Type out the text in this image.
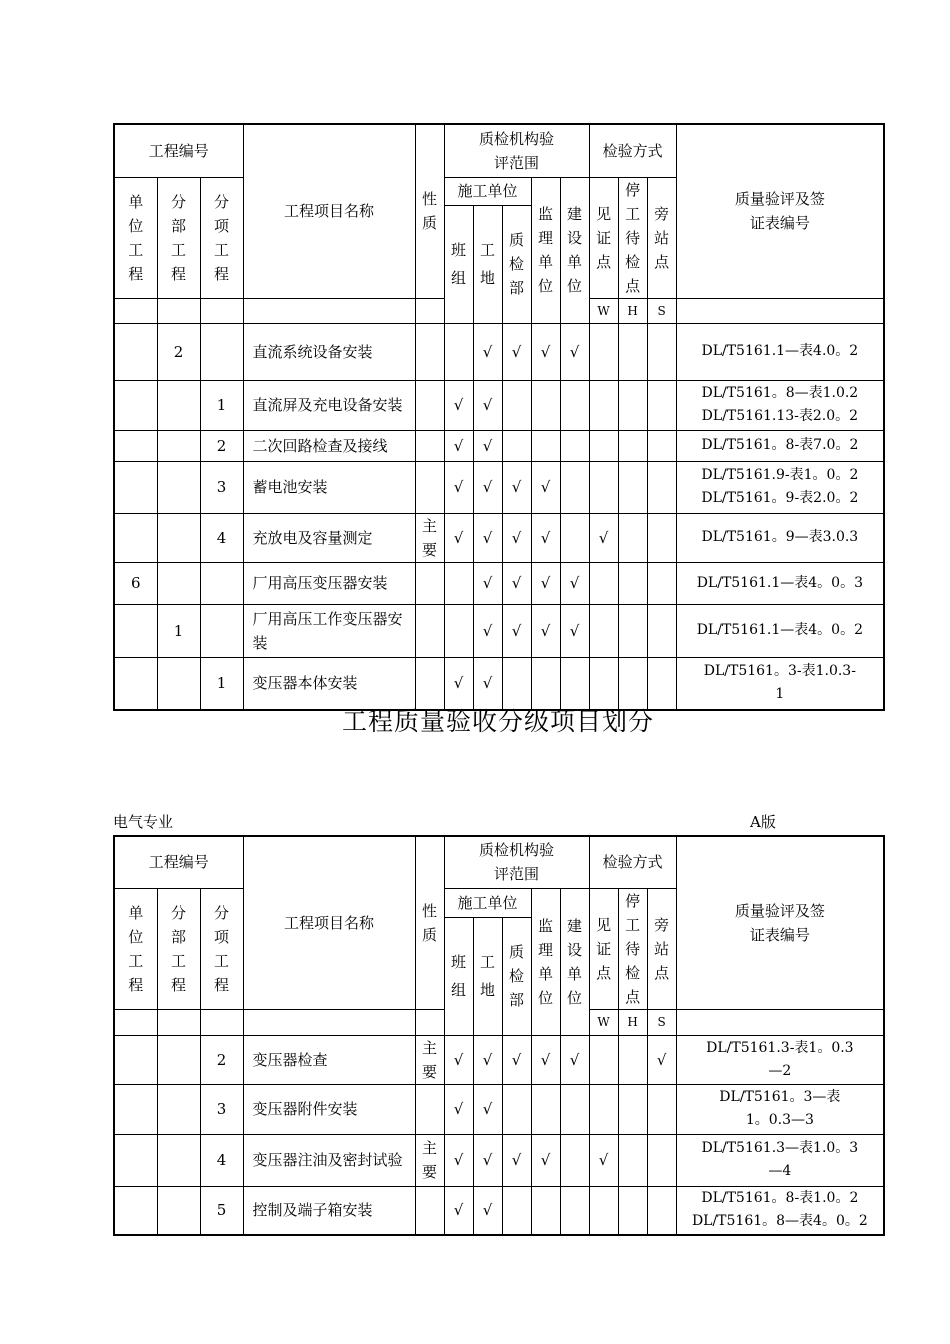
工程编号			工程项目名称	性质	质检机构验评范围					检验方式			质量验评及签证表编号
单位工程	分部工程	分项工程			施工单位			监理单位	建设单位	见证点	停工待检点	旁站点	
					班组	工地	质检部						
										W	H	S	
	2		直流系统设备安装			√	√	√	√				DL/T5161.1—表4.0。2

		1	直流屏及充电设备安装		√	√							DL/T5161。8—表1.0.2
DL/T5161.13-表2.0。2

		2	二次回路检查及接线		√	√							DL/T5161。8-表7.0。2

		3	蓄电池安装		√	√	√	√					DL/T5161.9-表1。0。2
DL/T5161。9-表2.0。2

		4	充放电及容量测定	主要	√	√	√	√		√			DL/T5161。9—表3.0.3

6			厂用高压变压器安装			√	√	√	√				DL/T5161.1—表4。0。3

	1		厂用高压工作变压器安装			√	√	√	√				DL/T5161.1—表4。0。2

		1	变压器本体安装		√	√							DL/T5161。3-表1.0.3-
1
工程质量验收分级项目划分
电气专业	A版
工程编号			工程项目名称	性质	质检机构验评范围					检验方式			质量验评及签证表编号
单位工程	分部工程	分项工程			施工单位			监理单位	建设单位	见证点	停工待检点	旁站点	
					班组	工地	质检部						
										W	H	S	
		2	变压器检查	主要	√	√	√	√	√			√	DL/T5161.3-表1。0.3
—2

		3	变压器附件安装		√	√							DL/T5161。3—表
1。0.3—3

		4	变压器注油及密封试验	主要	√	√	√	√		√			DL/T5161.3—表1.0。3
—4

		5	控制及端子箱安装		√	√							DL/T5161。8-表1.0。2
DL/T5161。8—表4。0。2
